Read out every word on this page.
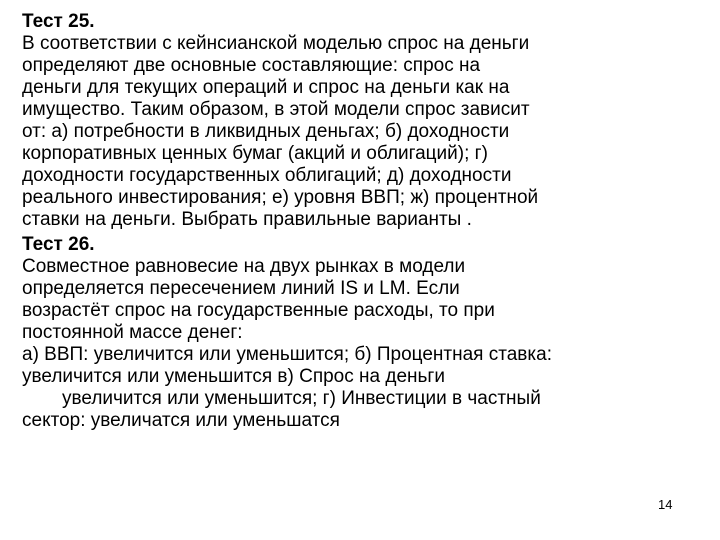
Тест 25.

В соответствии с кейнсианской моделью спрос на деньги
определяют две основные составляющие: спрос на
деньги для текущих операций и спрос на деньги как на
имущество. Таким образом, в этой модели спрос зависит
от: а) потребности в ликвидных деньгах; б) доходности
корпоративных ценных бумаг (акций и облигаций); г)
доходности государственных облигаций; д) доходности
реального инвестирования; е) уровня ВВП; ж) процентной
ставки на деньги. Выбрать правильные варианты .

Тест 26.

Совместное равновесие на двух рынках в модели
определяется пересечением линий IS и LM. Если
возрастёт спрос на государственные расходы, то при
постоянной массе денег:

а) ВВП: увеличится или уменьшится; б) Процентная ставка:
увеличится или уменьшится в) Спрос на деньги
увеличится или уменьшится; г) Инвестиции в частный
сектор: увеличатся или уменьшатся

14
